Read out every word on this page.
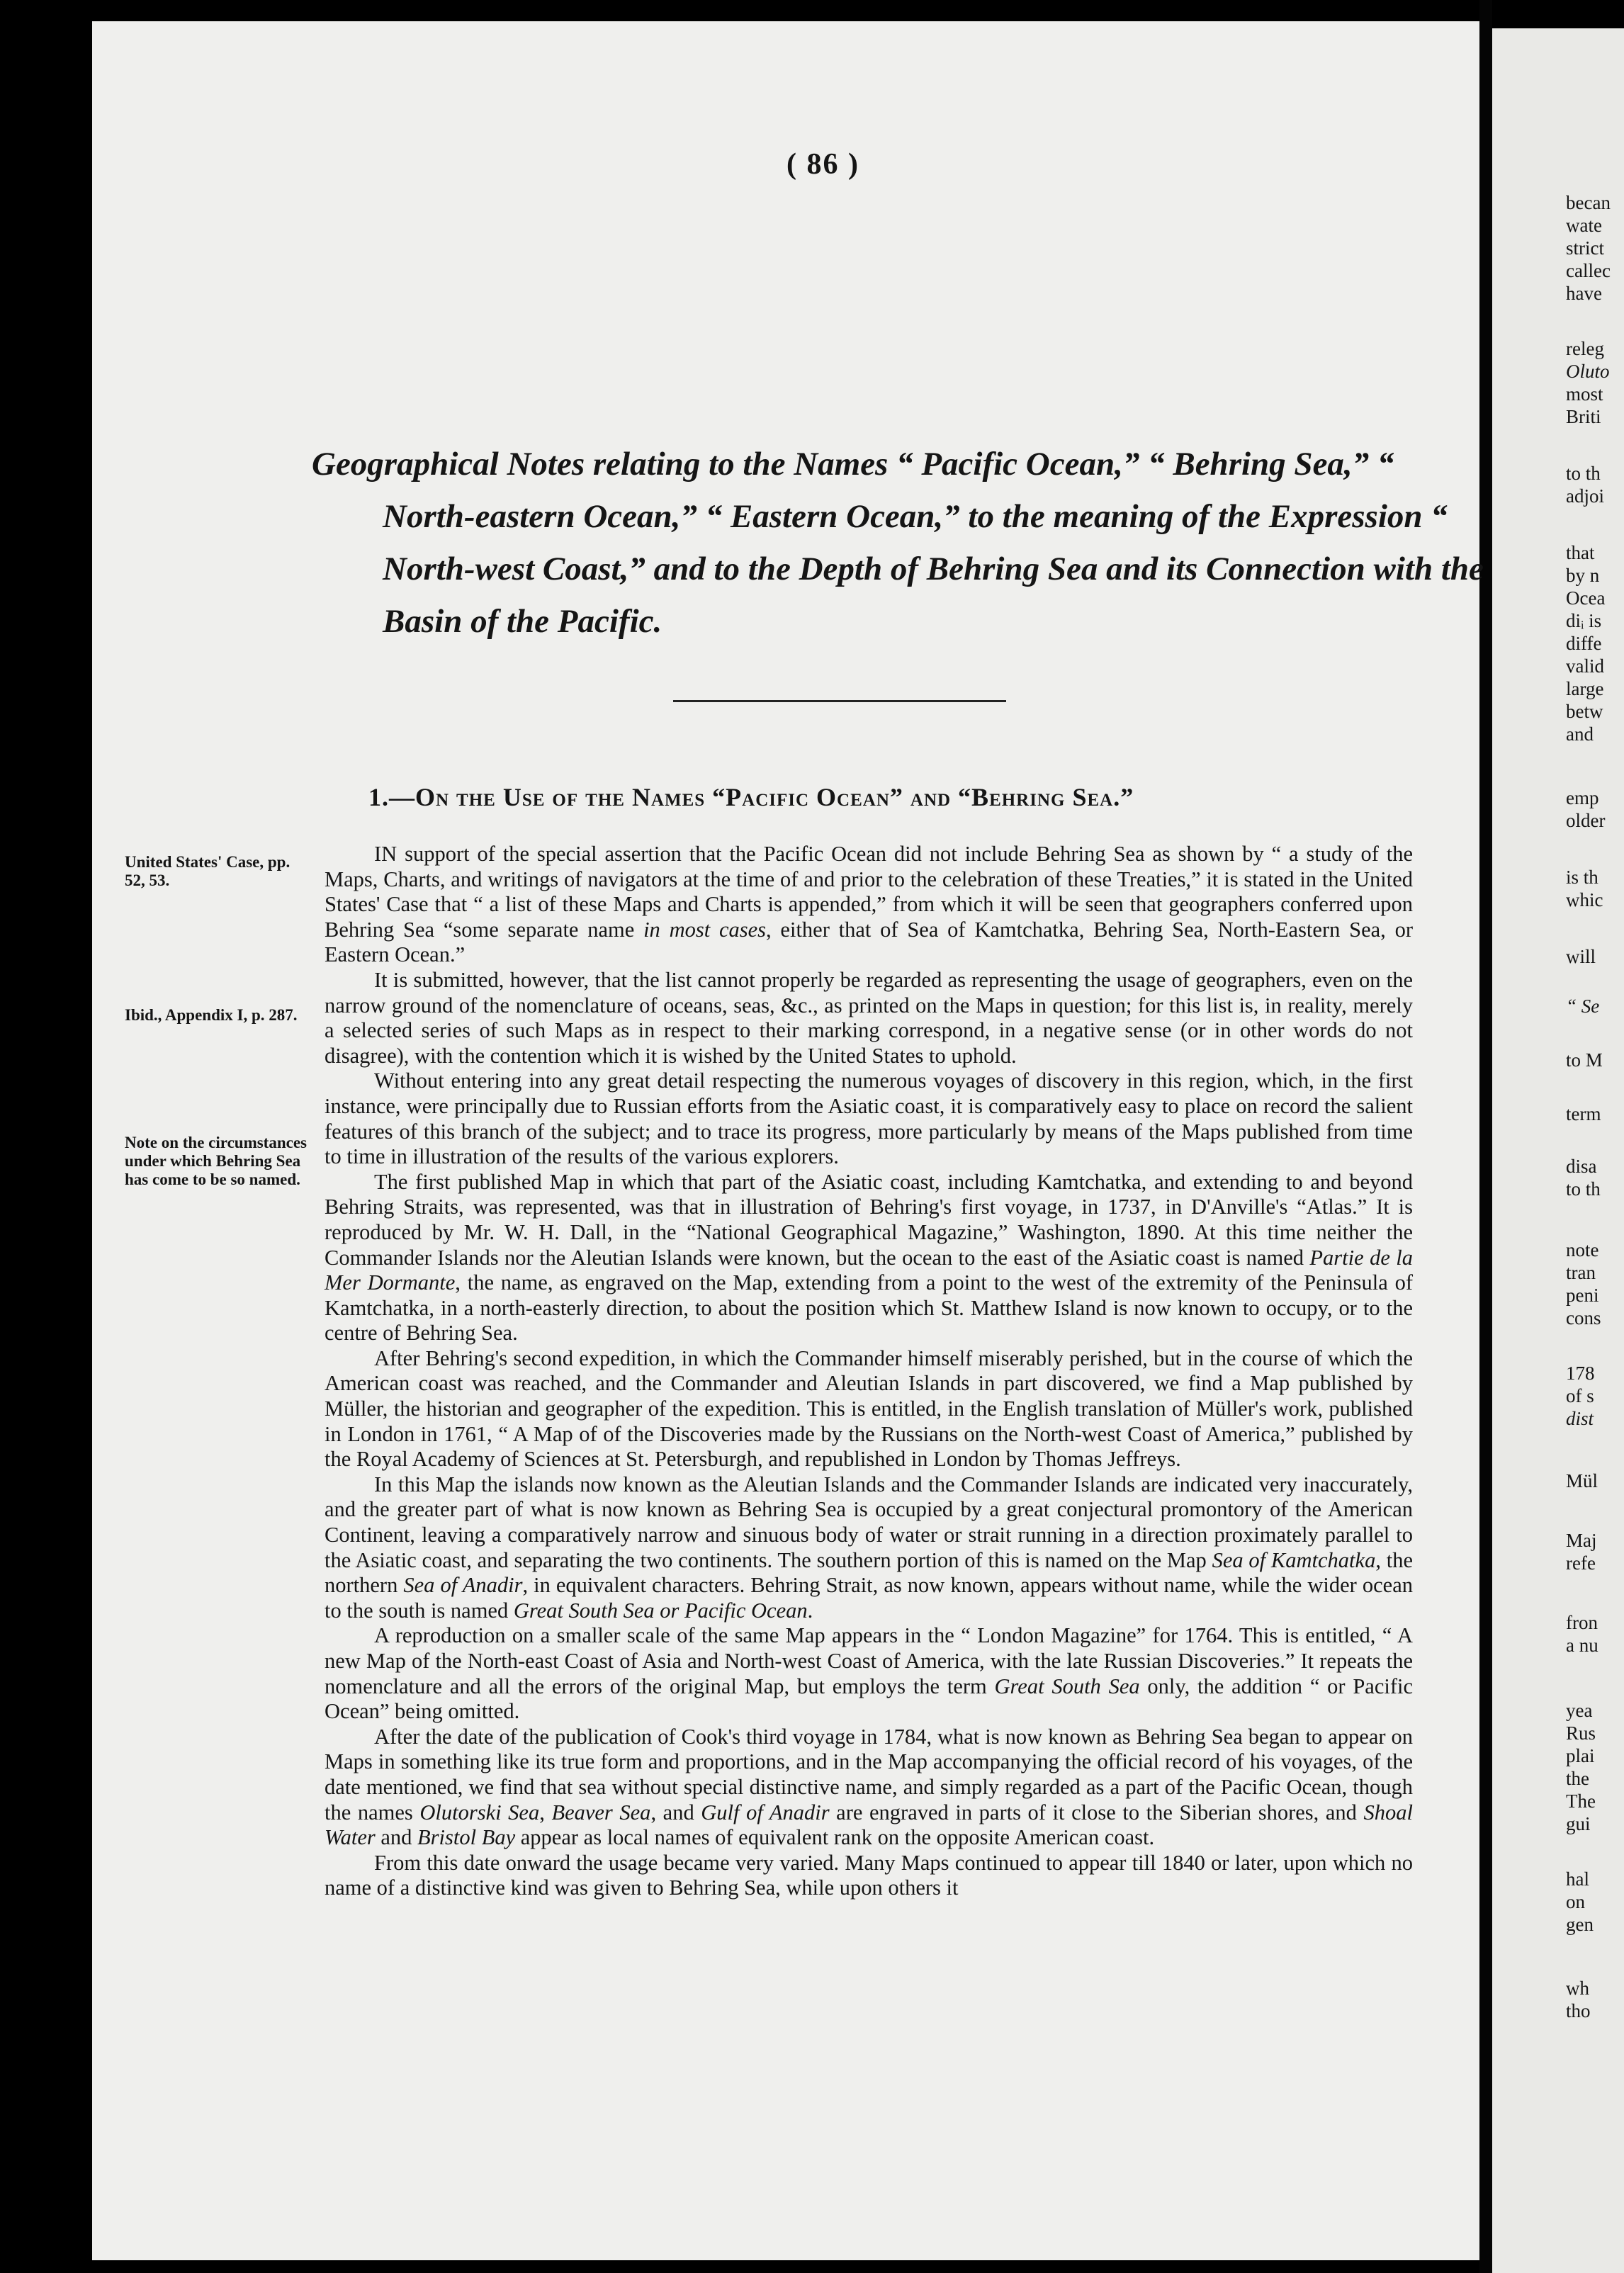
becan
wate
strict
callec
have
releg
Oluto
most
Briti
to th
adjoi
that
by n
Ocea
diᵢ is
diffe
valid
large
betw
and
emp
older
is th
whic
will
“ Se
to M
term
disa
to th
note
tran
peni
cons
178
of s
dist
Mül
Maj
refe
fron
a nu
yea
Rus
plai
the
The
gui
hal
on
gen
wh
tho
( 86 )
Geographical Notes relating to the Names “ Pacific Ocean,” “ Behring Sea,” “ North-eastern Ocean,” “ Eastern Ocean,” to the meaning of the Expression “ North-west Coast,” and to the Depth of Behring Sea and its Connection with the Basin of the Pacific.
1.—On the Use of the Names “Pacific Ocean” and “Behring Sea.”
United States' Case, pp. 52, 53.
Ibid., Appendix I, p. 287.
Note on the circumstances under which Behring Sea has come to be so named.

IN support of the special assertion that the Pacific Ocean did not include Behring Sea as shown by “ a study of the Maps, Charts, and writings of navigators at the time of and prior to the celebration of these Treaties,” it is stated in the United States' Case that “ a list of these Maps and Charts is appended,” from which it will be seen that geographers conferred upon Behring Sea “some separate name in most cases, either that of Sea of Kamtchatka, Behring Sea, North-Eastern Sea, or Eastern Ocean.”

It is submitted, however, that the list cannot properly be regarded as representing the usage of geographers, even on the narrow ground of the nomenclature of oceans, seas, &c., as printed on the Maps in question; for this list is, in reality, merely a selected series of such Maps as in respect to their marking correspond, in a negative sense (or in other words do not disagree), with the contention which it is wished by the United States to uphold.

Without entering into any great detail respecting the numerous voyages of discovery in this region, which, in the first instance, were principally due to Russian efforts from the Asiatic coast, it is comparatively easy to place on record the salient features of this branch of the subject; and to trace its progress, more particularly by means of the Maps published from time to time in illustration of the results of the various explorers.

The first published Map in which that part of the Asiatic coast, including Kamtchatka, and extending to and beyond Behring Straits, was represented, was that in illustration of Behring's first voyage, in 1737, in D'Anville's “Atlas.” It is reproduced by Mr. W. H. Dall, in the “National Geographical Magazine,” Washington, 1890. At this time neither the Commander Islands nor the Aleutian Islands were known, but the ocean to the east of the Asiatic coast is named Partie de la Mer Dormante, the name, as engraved on the Map, extending from a point to the west of the extremity of the Peninsula of Kamtchatka, in a north-easterly direction, to about the position which St. Matthew Island is now known to occupy, or to the centre of Behring Sea.

After Behring's second expedition, in which the Commander himself miserably perished, but in the course of which the American coast was reached, and the Commander and Aleutian Islands in part discovered, we find a Map published by Müller, the historian and geographer of the expedition. This is entitled, in the English translation of Müller's work, published in London in 1761, “ A Map of of the Discoveries made by the Russians on the North-west Coast of America,” published by the Royal Academy of Sciences at St. Petersburgh, and republished in London by Thomas Jeffreys.

In this Map the islands now known as the Aleutian Islands and the Commander Islands are indicated very inaccurately, and the greater part of what is now known as Behring Sea is occupied by a great conjectural promontory of the American Continent, leaving a comparatively narrow and sinuous body of water or strait running in a direction proximately parallel to the Asiatic coast, and separating the two continents. The southern portion of this is named on the Map Sea of Kamtchatka, the northern Sea of Anadir, in equivalent characters. Behring Strait, as now known, appears without name, while the wider ocean to the south is named Great South Sea or Pacific Ocean.

A reproduction on a smaller scale of the same Map appears in the “ London Magazine” for 1764. This is entitled, “ A new Map of the North-east Coast of Asia and North-west Coast of America, with the late Russian Discoveries.” It repeats the nomenclature and all the errors of the original Map, but employs the term Great South Sea only, the addition “ or Pacific Ocean” being omitted.

After the date of the publication of Cook's third voyage in 1784, what is now known as Behring Sea began to appear on Maps in something like its true form and proportions, and in the Map accompanying the official record of his voyages, of the date mentioned, we find that sea without special distinctive name, and simply regarded as a part of the Pacific Ocean, though the names Olutorski Sea, Beaver Sea, and Gulf of Anadir are engraved in parts of it close to the Siberian shores, and Shoal Water and Bristol Bay appear as local names of equivalent rank on the opposite American coast.

From this date onward the usage became very varied. Many Maps continued to appear till 1840 or later, upon which no name of a distinctive kind was given to Behring Sea, while upon others it
